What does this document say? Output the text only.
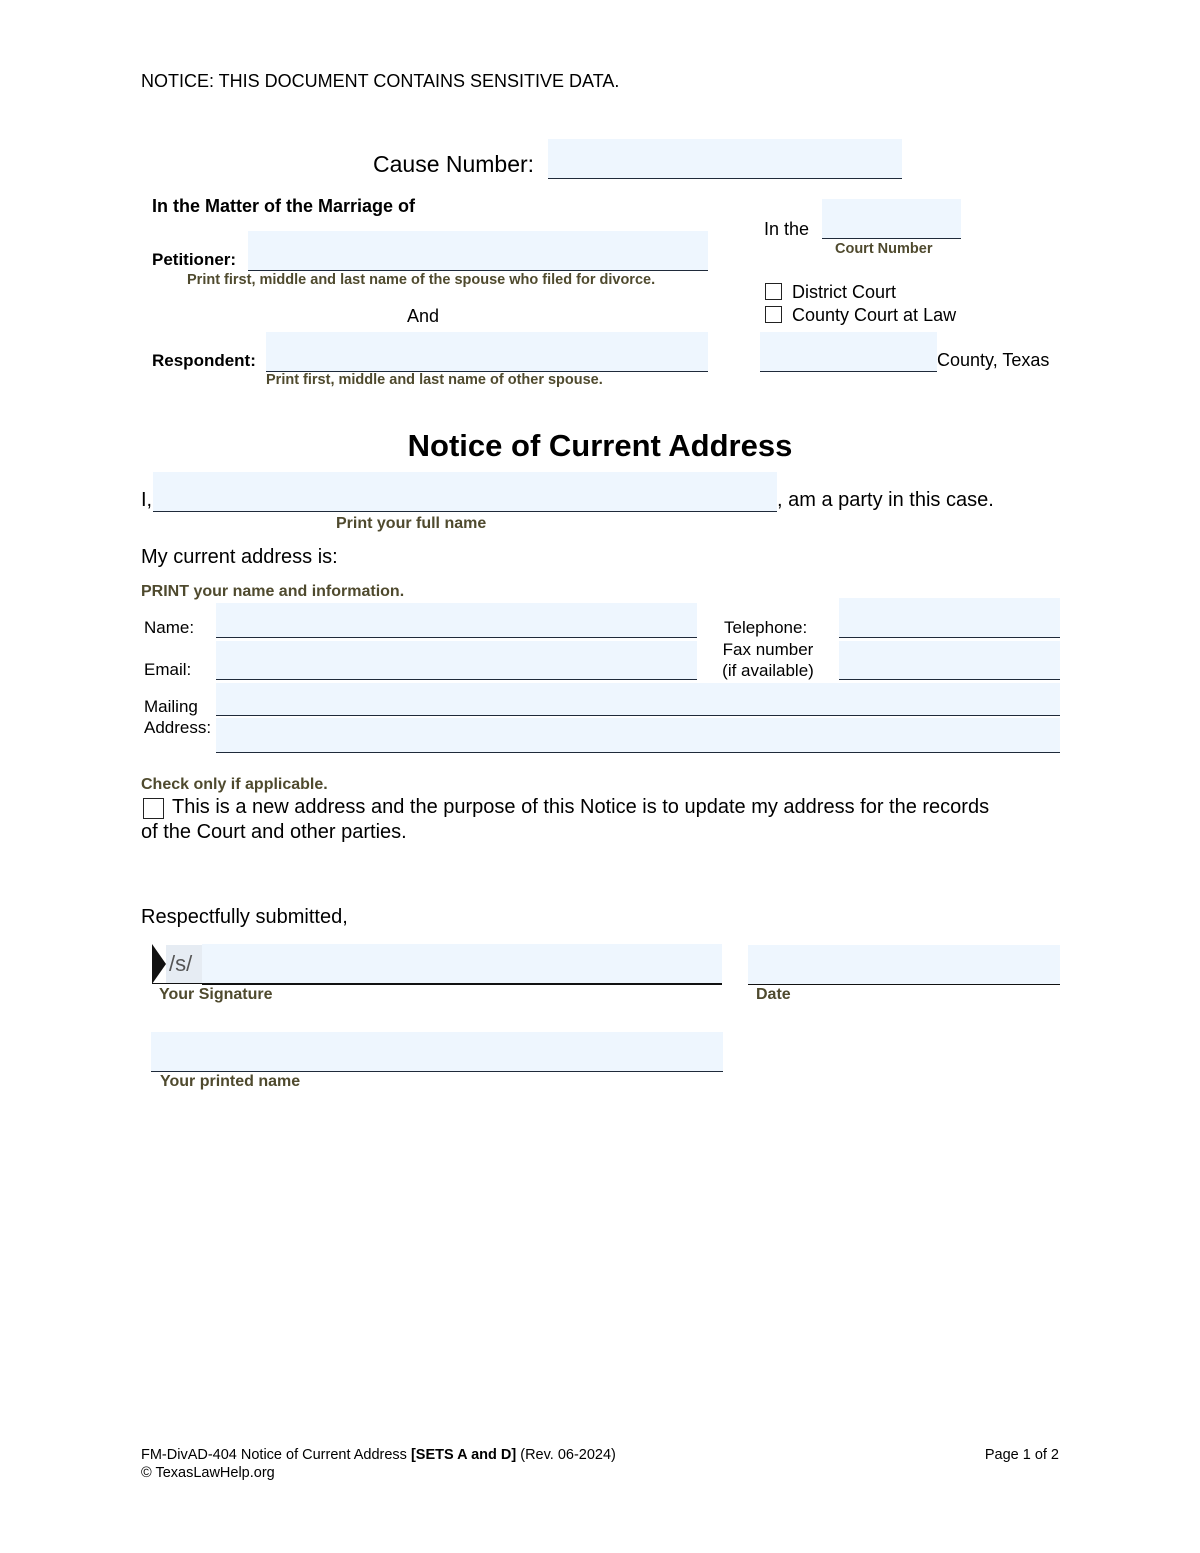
NOTICE: THIS DOCUMENT CONTAINS SENSITIVE DATA.
Cause Number:
In the Matter of the Marriage of
Petitioner:
Print first, middle and last name of the spouse who filed for divorce.
And
Respondent:
Print first, middle and last name of other spouse.
In the
Court Number
District Court
County Court at Law
County, Texas
Notice of Current Address
I,	, am a party in this case.
Print your full name
My current address is:
PRINT your name and information.
Name:
Email:
Telephone:
Fax number
(if available)
Mailing
Address:
Check only if applicable.
This is a new address and the purpose of this Notice is to update my address for the records
of the Court and other parties.
Respectfully submitted,
/s/
Your Signature	Date
Your printed name
FM-DivAD-404 Notice of Current Address [SETS A and D] (Rev. 06-2024)
© TexasLawHelp.org
Page 1 of 2
